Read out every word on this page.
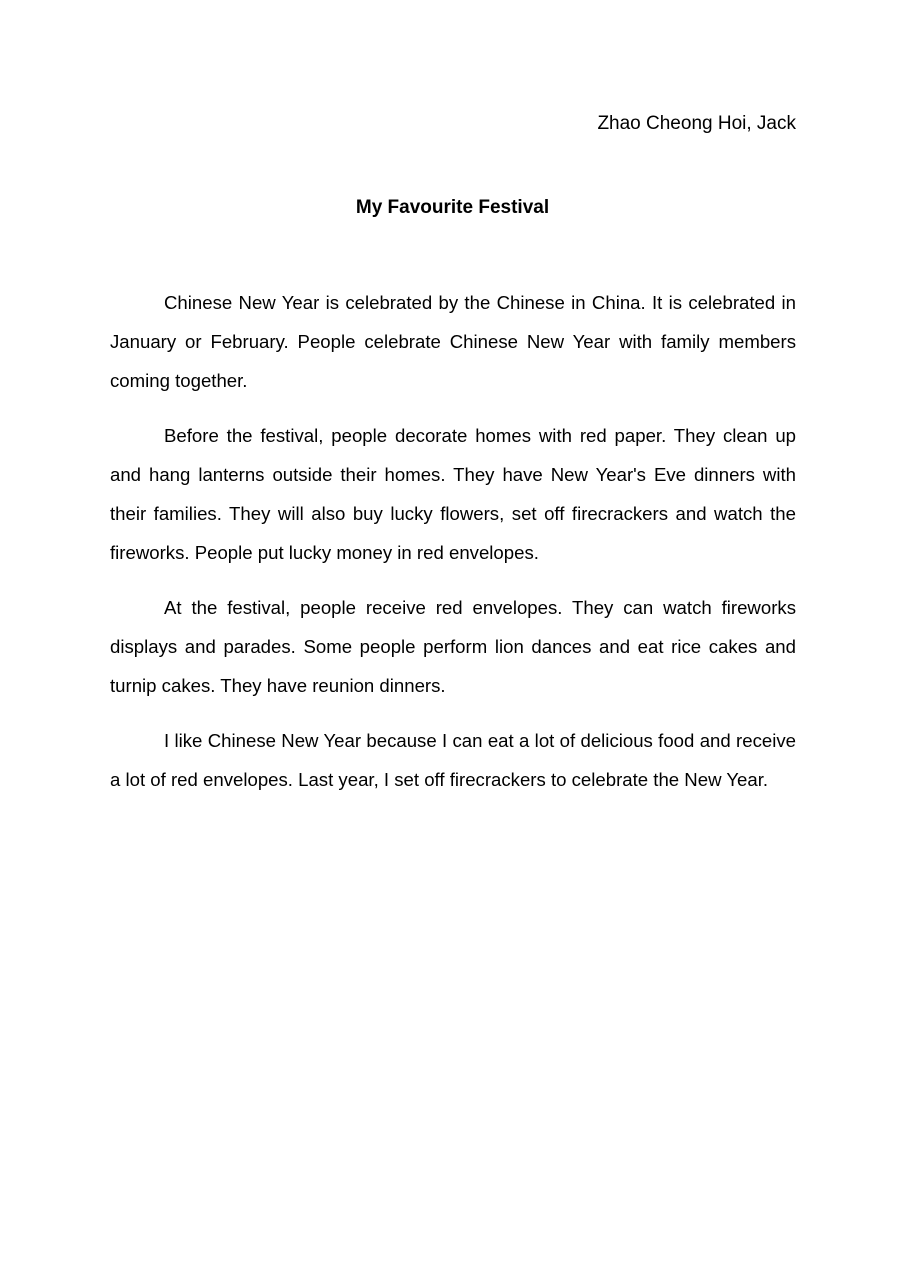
Zhao Cheong Hoi, Jack
My Favourite Festival

Chinese New Year is celebrated by the Chinese in China. It is celebrated in January or February. People celebrate Chinese New Year with family members coming together.

Before the festival, people decorate homes with red paper. They clean up and hang lanterns outside their homes. They have New Year's Eve dinners with their families. They will also buy lucky flowers, set off firecrackers and watch the fireworks. People put lucky money in red envelopes.

At the festival, people receive red envelopes. They can watch fireworks displays and parades. Some people perform lion dances and eat rice cakes and turnip cakes. They have reunion dinners.

I like Chinese New Year because I can eat a lot of delicious food and receive a lot of red envelopes. Last year, I set off firecrackers to celebrate the New Year.
